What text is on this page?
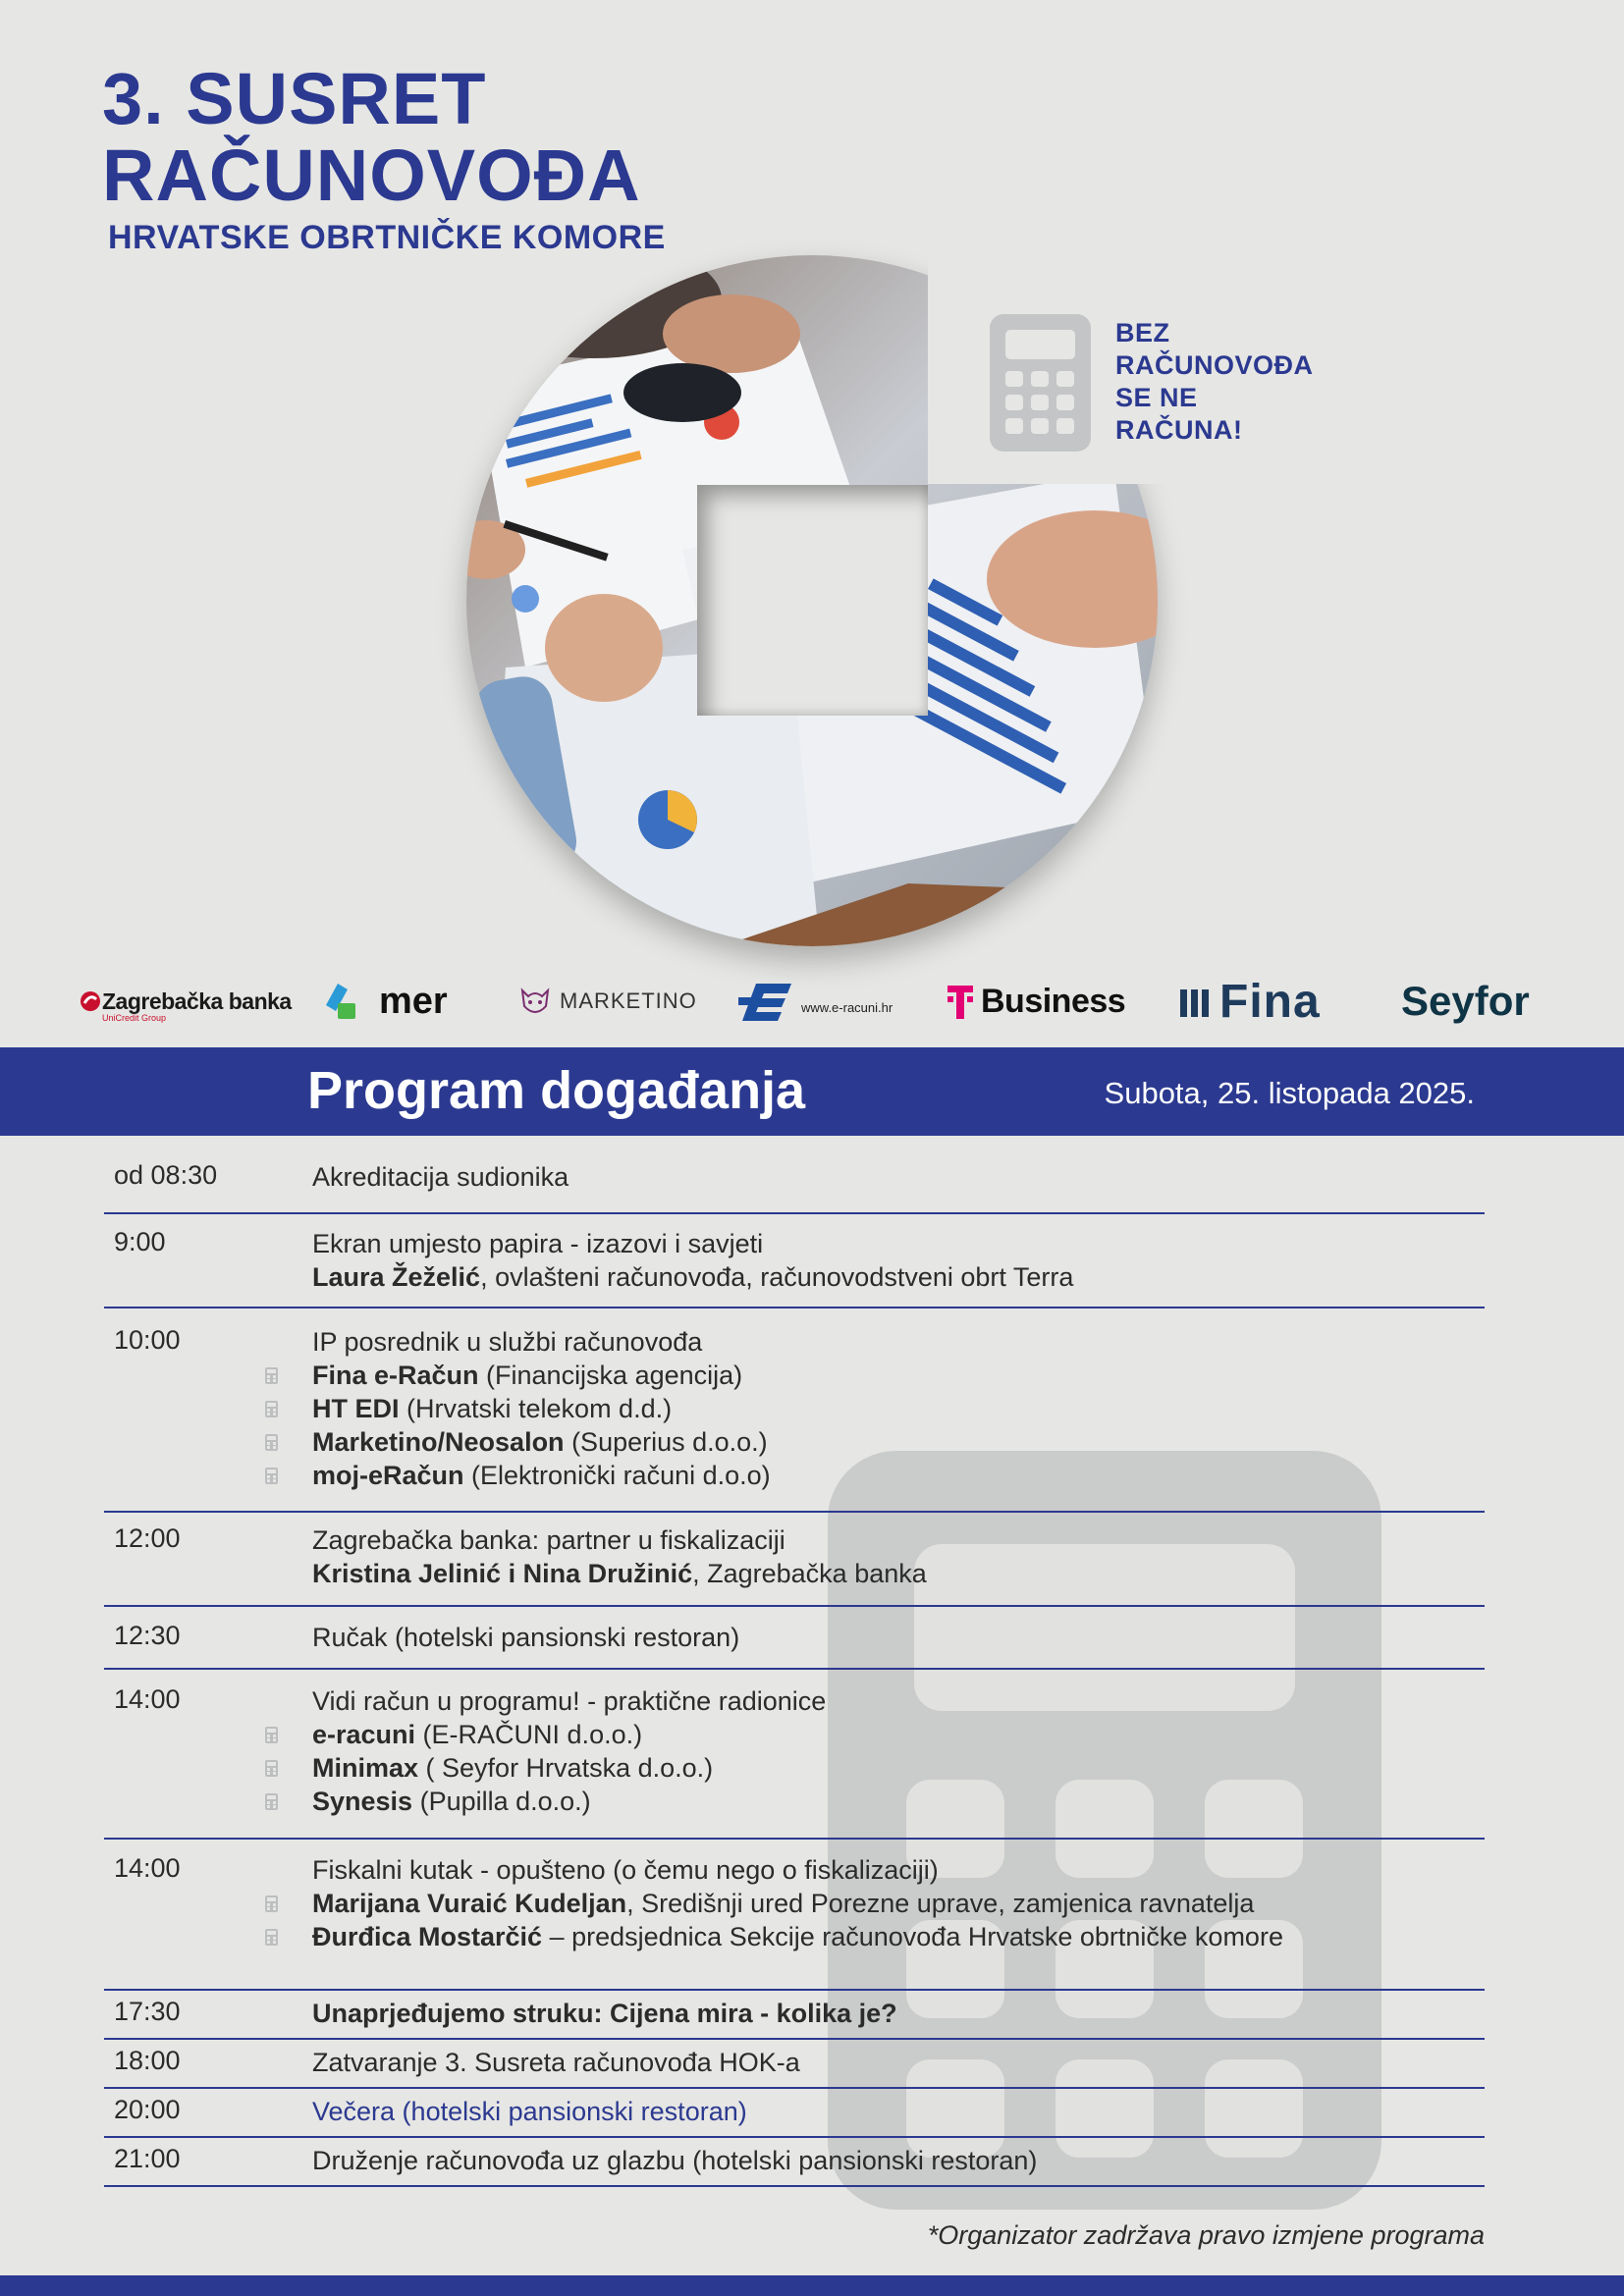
3. SUSRET
RAČUNOVOĐA
HRVATSKE OBRTNIČKE KOMORE
BEZ
RAČUNOVOĐA
SE NE
RAČUNA!
Zagrebačka banka
UniCredit Group	mer	MARKETINO	www.e-racuni.hr	Business Fina Seyfor
Program događanja	Subota, 25. listopada 2025.
od 08:30	Akreditacija sudionika
9:00	Ekran umjesto papira - izazovi i savjeti
Laura Žeželić, ovlašteni računovođa, računovodstveni obrt Terra
10:00	IP posrednik u službi računovođa
Fina e-Račun (Financijska agencija)
HT EDI (Hrvatski telekom d.d.)
Marketino/Neosalon (Superius d.o.o.)
moj-eRačun (Elektronički računi d.o.o)
12:00	Zagrebačka banka: partner u fiskalizaciji
Kristina Jelinić i Nina Družinić, Zagrebačka banka
12:30	Ručak (hotelski pansionski restoran)
14:00	Vidi račun u programu! - praktične radionice
e-racuni (E-RAČUNI d.o.o.)
Minimax ( Seyfor Hrvatska d.o.o.)
Synesis (Pupilla d.o.o.)
14:00	Fiskalni kutak - opušteno (o čemu nego o fiskalizaciji)
Marijana Vuraić Kudeljan, Središnji ured Porezne uprave, zamjenica ravnatelja
Đurđica Mostarčić – predsjednica Sekcije računovođa Hrvatske obrtničke komore
17:30	Unaprjeđujemo struku: Cijena mira - kolika je?
18:00	Zatvaranje 3. Susreta računovođa HOK-a
20:00	Večera (hotelski pansionski restoran)
21:00	Druženje računovođa uz glazbu (hotelski pansionski restoran)
*Organizator zadržava pravo izmjene programa
